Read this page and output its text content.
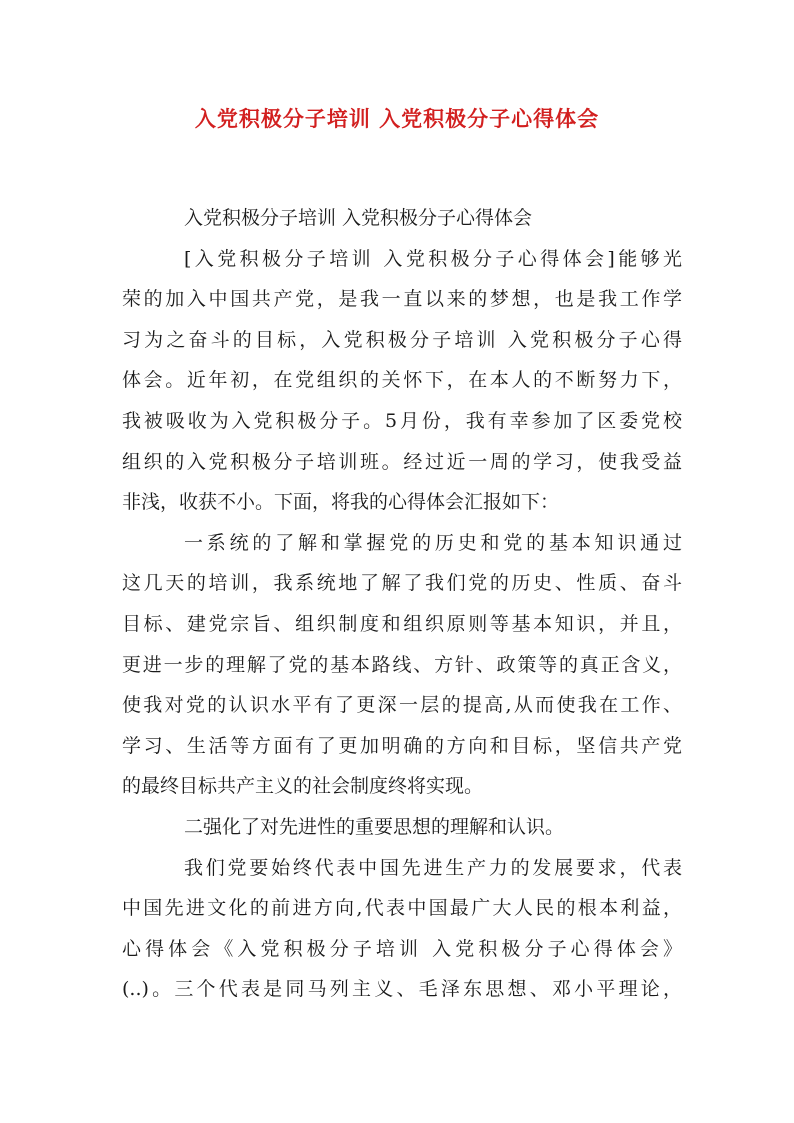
入党积极分子培训 入党积极分子心得体会
入党积极分子培训 入党积极分子心得体会
[入党积极分子培训 入党积极分子心得体会]能够光
荣的加入中国共产党，是我一直以来的梦想，也是我工作学
习为之奋斗的目标，入党积极分子培训 入党积极分子心得
体会。近年初，在党组织的关怀下，在本人的不断努力下，
我被吸收为入党积极分子。5月份，我有幸参加了区委党校
组织的入党积极分子培训班。经过近一周的学习，使我受益
非浅，收获不小。下面，将我的心得体会汇报如下：
一系统的了解和掌握党的历史和党的基本知识通过
这几天的培训，我系统地了解了我们党的历史、性质、奋斗
目标、建党宗旨、组织制度和组织原则等基本知识，并且，
更进一步的理解了党的基本路线、方针、政策等的真正含义，
使我对党的认识水平有了更深一层的提高,从而使我在工作、
学习、生活等方面有了更加明确的方向和目标，坚信共产党
的最终目标共产主义的社会制度终将实现。
二强化了对先进性的重要思想的理解和认识。
我们党要始终代表中国先进生产力的发展要求，代表
中国先进文化的前进方向,代表中国最广大人民的根本利益，
心得体会《入党积极分子培训 入党积极分子心得体会》
(..)。三个代表是同马列主义、毛泽东思想、邓小平理论，
